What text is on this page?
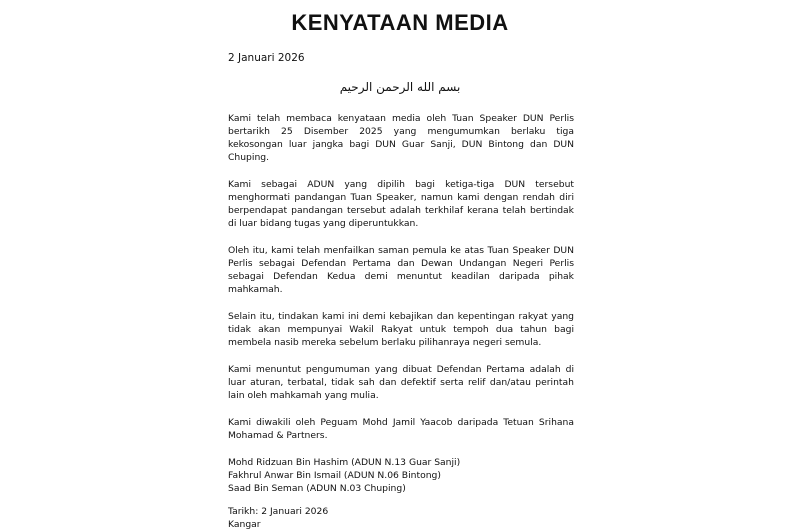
KENYATAAN MEDIA
2 Januari 2026
بسم الله الرحمن الرحيم

Kami telah membaca kenyataan media oleh Tuan Speaker DUN Perlis bertarikh 25 Disember 2025 yang mengumumkan berlaku tiga kekosongan luar jangka bagi DUN Guar Sanji, DUN Bintong dan DUN Chuping.

Kami sebagai ADUN yang dipilih bagi ketiga-tiga DUN tersebut menghormati pandangan Tuan Speaker, namun kami dengan rendah diri berpendapat pandangan tersebut adalah terkhilaf kerana telah bertindak di luar bidang tugas yang diperuntukkan.

Oleh itu, kami telah menfailkan saman pemula ke atas Tuan Speaker DUN Perlis sebagai Defendan Pertama dan Dewan Undangan Negeri Perlis sebagai Defendan Kedua demi menuntut keadilan daripada pihak mahkamah.

Selain itu, tindakan kami ini demi kebajikan dan kepentingan rakyat yang tidak akan mempunyai Wakil Rakyat untuk tempoh dua tahun bagi membela nasib mereka sebelum berlaku pilihanraya negeri semula.

Kami menuntut pengumuman yang dibuat Defendan Pertama adalah di luar aturan, terbatal, tidak sah dan defektif serta relif dan/atau perintah lain oleh mahkamah yang mulia.

Kami diwakili oleh Peguam Mohd Jamil Yaacob daripada Tetuan Srihana Mohamad & Partners.

Mohd Ridzuan Bin Hashim (ADUN N.13 Guar Sanji)
Fakhrul Anwar Bin Ismail (ADUN N.06 Bintong)
Saad Bin Seman (ADUN N.03 Chuping)
Tarikh: 2 Januari 2026
Kangar
